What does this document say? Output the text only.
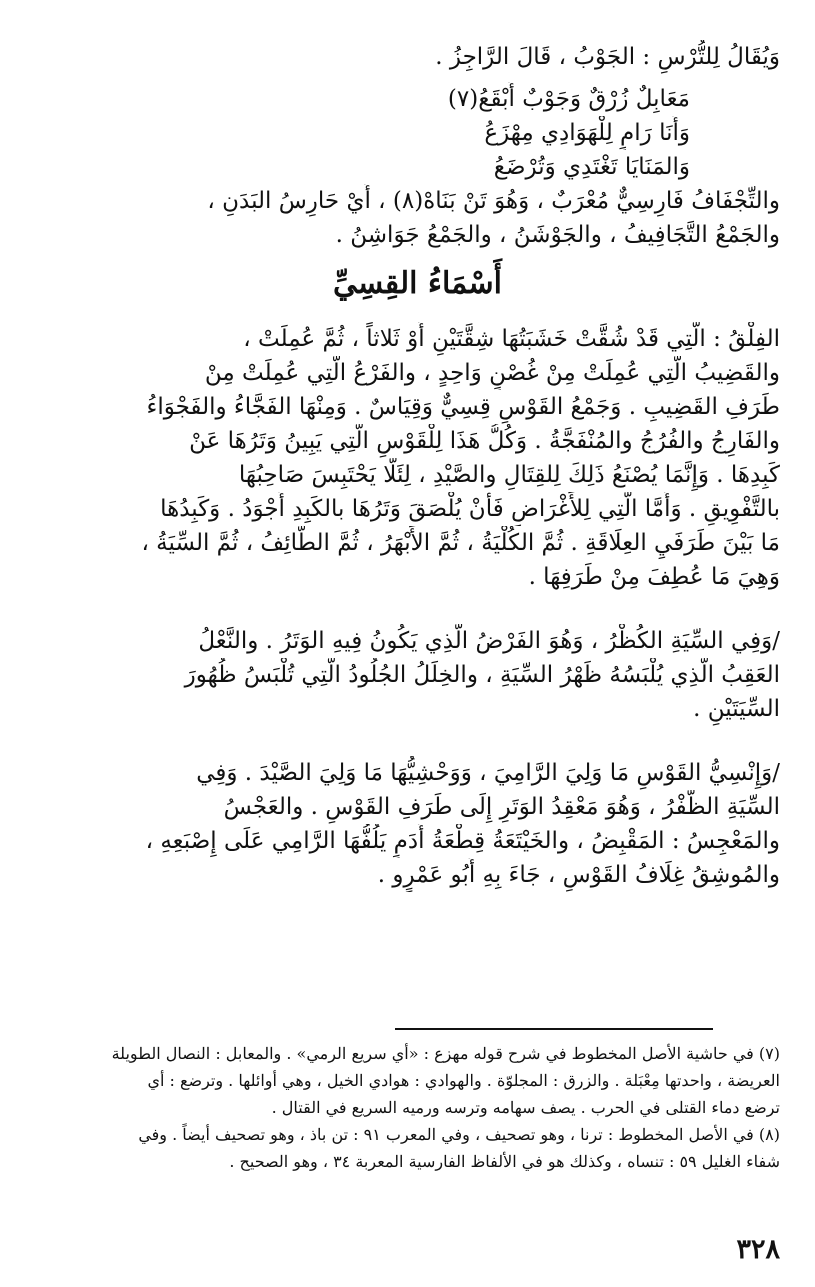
وَيُقَالُ لِلتُّرْسِ : الجَوْبُ ، قَالَ الرَّاجِزُ .
مَعَابِلٌ زُرْقٌ وَجَوْبٌ أَبْقَعُ(٧)
وَأَنَا رَامٍ لِلْهَوَادِي مِهْزَعُ
وَالمَنَايَا تَغْتَدِي وَتُرْضَعُ
والتِّجْفَافُ فَارِسِيٌّ مُعْرَبٌ ، وَهُوَ تَنْ بَنَاهْ(٨) ، أَيْ حَارِسُ البَدَنِ ،
والجَمْعُ التَّجَافِيفُ ، والجَوْشَنُ ، والجَمْعُ جَوَاشِنُ .
أَسْمَاءُ القِسِيِّ
الفِلْقُ : الَّتِي قَدْ شُقَّتْ خَشَبَتُهَا شِقَّتَيْنِ أَوْ ثَلاثاً ، ثُمَّ عُمِلَتْ ،
والقَضِيبُ الَّتِي عُمِلَتْ مِنْ غُصْنٍ وَاحِدٍ ، والفَرْعُ الَّتِي عُمِلَتْ مِنْ
طَرَفِ القَضِيبِ . وَجَمْعُ القَوْسِ قِسِيٌّ وَقِيَاسٌ . وَمِنْهَا الفَجَّاءُ والفَجْوَاءُ
والفَارِجُ والفُرُجُ والمُنْفَجَّةُ . وَكُلُّ هَذَا لِلْقَوْسِ الَّتِي يَبِينُ وَتَرُهَا عَنْ
كَبِدِهَا . وَإِنَّمَا يُصْنَعُ ذَلِكَ لِلقِتَالِ والصَّيْدِ ، لِئَلَّا يَحْتَبِسَ صَاحِبُهَا
بالتَّفْوِيقِ . وَأَمَّا الَّتِي لِلأَغْرَاضِ فَأَنْ يُلْصَقَ وَتَرُهَا بالكَبِدِ أَجْوَدُ . وَكَبِدُهَا
مَا بَيْنَ طَرَفَيِ العِلَاقَةِ . ثُمَّ الكُلْيَةُ ، ثُمَّ الأَبْهَرُ ، ثُمَّ الطَّائِفُ ، ثُمَّ السِّيَةُ ،
وَهِيَ مَا عُطِفَ مِنْ طَرَفِهَا .
/وَفِي السِّيَةِ الكُظْرُ ، وَهُوَ الفَرْضُ الَّذِي يَكُونُ فِيهِ الوَتَرُ . والنَّعْلُ
العَقِبُ الَّذِي يُلْبَسُهُ ظَهْرُ السِّيَةِ ، والخِلَلُ الجُلُودُ الَّتِي تُلْبَسُ ظُهُورَ
السِّيَتَيْنِ .
/وَإِنْسِيُّ القَوْسِ مَا وَلِيَ الرَّامِيَ ، وَوَحْشِيُّهَا مَا وَلِيَ الصَّيْدَ . وَفِي
السِّيَةِ الظُّفْرُ ، وَهُوَ مَعْقِدُ الوَتَرِ إِلَى طَرَفِ القَوْسِ . والعَجْسُ
والمَعْجِسُ : المَقْبِضُ ، والخَيْتَعَةُ قِطْعَةُ أَدَمٍ يَلُفُّهَا الرَّامِي عَلَى إِصْبَعِهِ ،
والمُوشِقُ غِلَافُ القَوْسِ ، جَاءَ بِهِ أَبُو عَمْرٍو .
(٧) في حاشية الأصل المخطوط في شرح قوله مهزع : «أي سريع الرمي» . والمعابل : النصال الطويلة
العريضة ، واحدتها مِعْبَلة . والزرق : المجلوّة . والهوادي : هوادي الخيل ، وهي أوائلها . وترضع : أي
ترضع دماء القتلى في الحرب . يصف سهامه وترسه ورميه السريع في القتال .
(٨) في الأصل المخطوط : ترنا ، وهو تصحيف ، وفي المعرب ٩١ : تن باذ ، وهو تصحيف أيضاً . وفي
شفاء الغليل ٥٩ : تنساه ، وكذلك هو في الألفاظ الفارسية المعربة ٣٤ ، وهو الصحيح .
٣٢٨
